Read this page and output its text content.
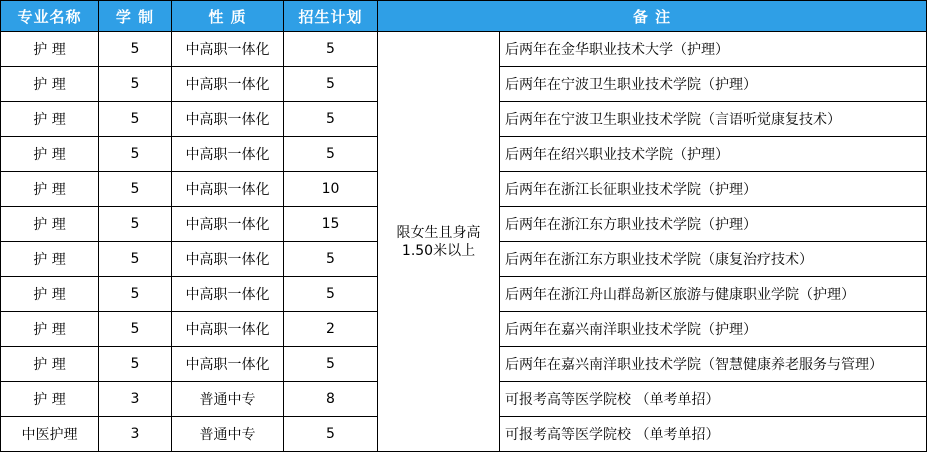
专业名称	学 制	性 质	招生计划	备 注	
护 理	5	中高职一体化	5	限女生且身高1.50米以上	后两年在金华职业技术大学（护理）
护 理	5	中高职一体化	5		后两年在宁波卫生职业技术学院（护理）
护 理	5	中高职一体化	5		后两年在宁波卫生职业技术学院（言语听觉康复技术）
护 理	5	中高职一体化	5		后两年在绍兴职业技术学院（护理）
护 理	5	中高职一体化	10		后两年在浙江长征职业技术学院（护理）
护 理	5	中高职一体化	15		后两年在浙江东方职业技术学院（护理）
护 理	5	中高职一体化	5		后两年在浙江东方职业技术学院（康复治疗技术）
护 理	5	中高职一体化	5		后两年在浙江舟山群岛新区旅游与健康职业学院（护理）
护 理	5	中高职一体化	2		后两年在嘉兴南洋职业技术学院（护理）
护 理	5	中高职一体化	5		后两年在嘉兴南洋职业技术学院（智慧健康养老服务与管理）
护 理	3	普通中专	8		可报考高等医学院校 （单考单招）
中医护理	3	普通中专	5		可报考高等医学院校 （单考单招）
